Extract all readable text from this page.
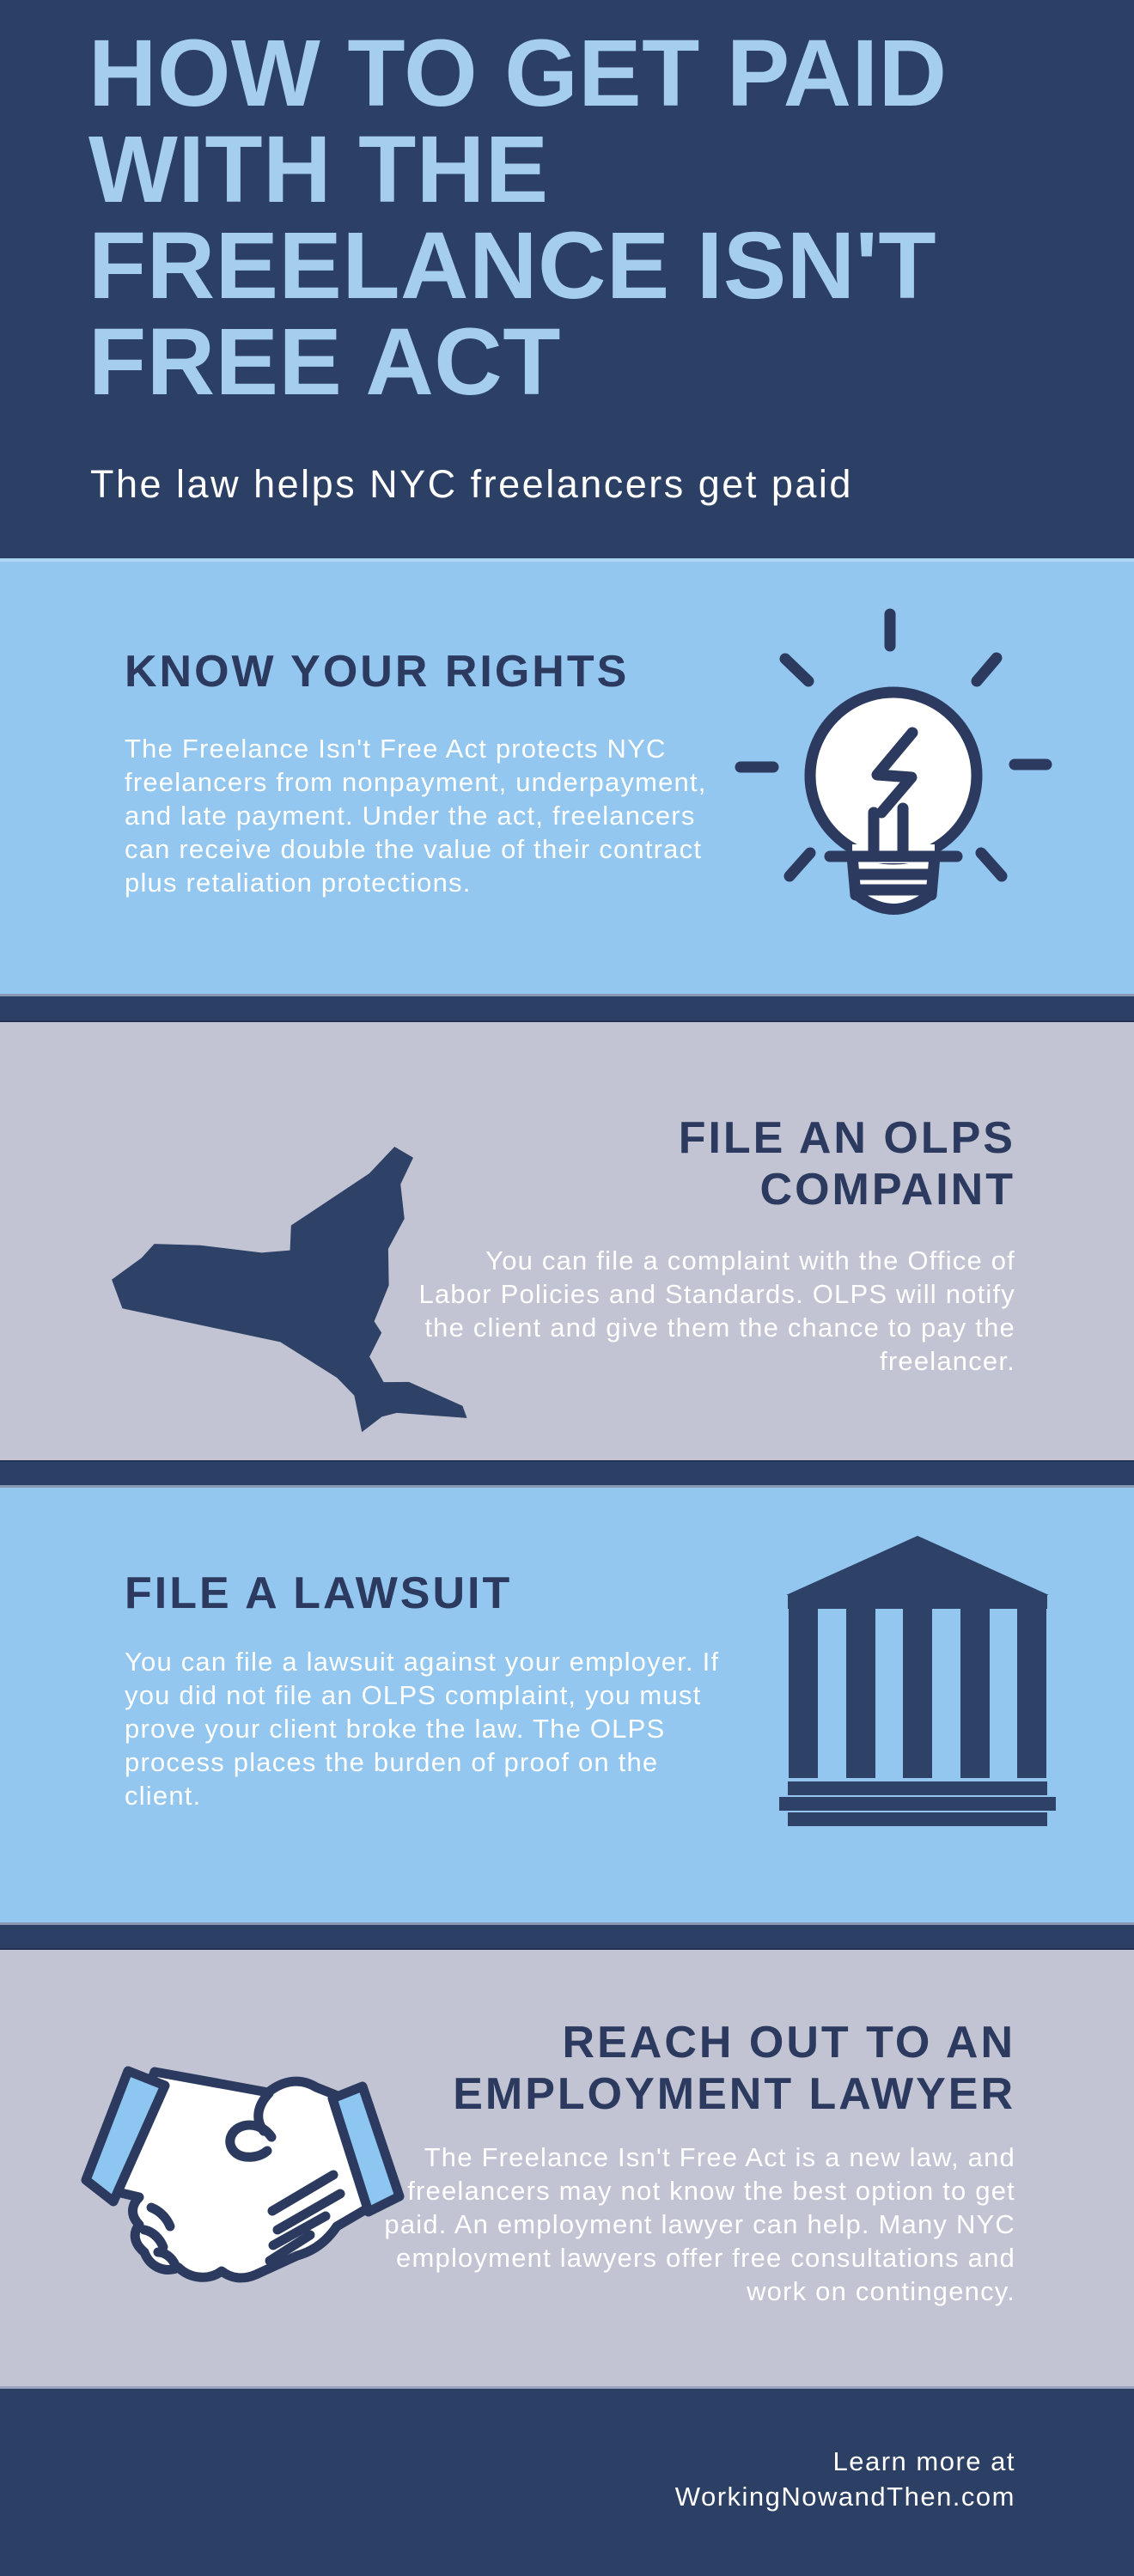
HOW TO GET PAID
WITH THE
FREELANCE ISN'T
FREE ACT
The law helps NYC freelancers get paid
KNOW YOUR RIGHTS

The Freelance Isn't Free Act protects NYC freelancers from nonpayment, underpayment, and late payment. Under the act, freelancers can receive double the value of their contract plus retaliation protections.

FILE AN OLPS
COMPAINT

You can file a complaint with the Office of Labor Policies and Standards. OLPS will notify the client and give them the chance to pay the freelancer.

FILE A LAWSUIT

You can file a lawsuit against your employer. If you did not file an OLPS complaint, you must prove your client broke the law. The OLPS process places the burden of proof on the client.

REACH OUT TO AN
EMPLOYMENT LAWYER

The Freelance Isn't Free Act is a new law, and freelancers may not know the best option to get paid. An employment lawyer can help. Many NYC employment lawyers offer free consultations and work on contingency.

Learn more at
WorkingNowandThen.com
